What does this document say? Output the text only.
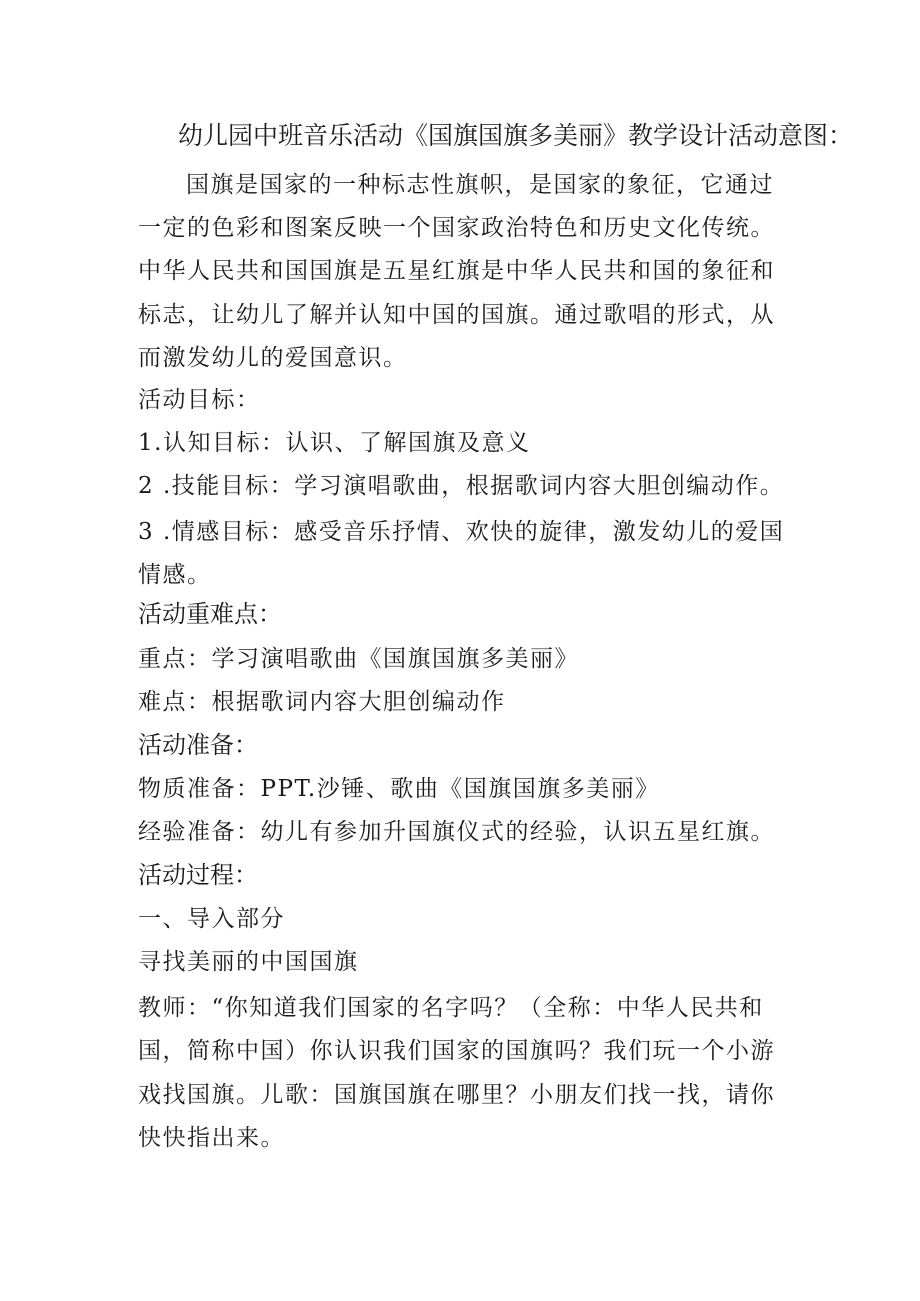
幼儿园中班音乐活动《国旗国旗多美丽》教学设计活动意图：

国旗是国家的一种标志性旗帜，是国家的象征，它通过一定的色彩和图案反映一个国家政治特色和历史文化传统。中华人民共和国国旗是五星红旗是中华人民共和国的象征和标志，让幼儿了解并认知中国的国旗。通过歌唱的形式，从而激发幼儿的爱国意识。

活动目标：

1.认知目标：认识、了解国旗及意义

2 .技能目标：学习演唱歌曲，根据歌词内容大胆创编动作。

3 .情感目标：感受音乐抒情、欢快的旋律，激发幼儿的爱国情感。

活动重难点：

重点：学习演唱歌曲《国旗国旗多美丽》

难点：根据歌词内容大胆创编动作

活动准备：

物质准备：PPT.沙锤、歌曲《国旗国旗多美丽》

经验准备：幼儿有参加升国旗仪式的经验，认识五星红旗。

活动过程：

一、导入部分

寻找美丽的中国国旗

教师：“你知道我们国家的名字吗？（全称：中华人民共和国，简称中国）你认识我们国家的国旗吗？我们玩一个小游戏找国旗。儿歌：国旗国旗在哪里？小朋友们找一找，请你快快指出来。
